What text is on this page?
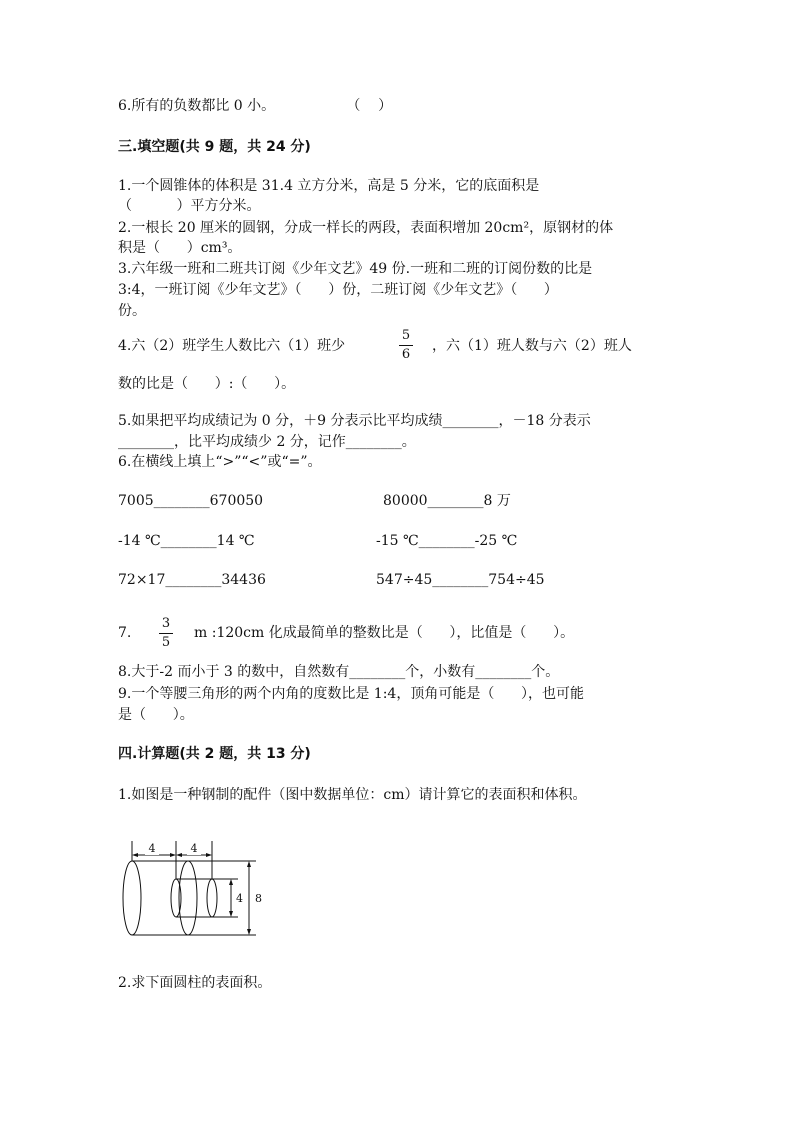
6.所有的负数都比 0 小。                （    ）
三.填空题(共 9 题，共 24 分)
1.一个圆锥体的体积是 31.4 立方分米，高是 5 分米，它的底面积是
（          ）平方分米。
2.一根长 20 厘米的圆钢，分成一样长的两段，表面积增加 20cm²，原钢材的体
积是（      ）cm³。
3.六年级一班和二班共订阅《少年文艺》49 份.一班和二班的订阅份数的比是
3:4，一班订阅《少年文艺》（      ）份，二班订阅《少年文艺》（      ）
份。
4.六（2）班学生人数比六（1）班少
5
6
，六（1）班人数与六（2）班人
数的比是（      ）:（      ）。
5.如果把平均成绩记为 0 分，＋9 分表示比平均成绩________，－18 分表示
________，比平均成绩少 2 分，记作________。
6.在横线上填上“>”“<”或“=”。
7005________670050	80000________8 万
-14 ℃________14 ℃	-15 ℃________-25 ℃
72×17________34436	547÷45________754÷45
7.
3
5
m :120cm 化成最简单的整数比是（      ），比值是（      ）。
8.大于-2 而小于 3 的数中，自然数有________个，小数有________个。
9.一个等腰三角形的两个内角的度数比是 1:4，顶角可能是（      ），也可能
是（      ）。
四.计算题(共 2 题，共 13 分)
1.如图是一种钢制的配件（图中数据单位：cm）请计算它的表面积和体积。
4	4
4 8
2.求下面圆柱的表面积。
